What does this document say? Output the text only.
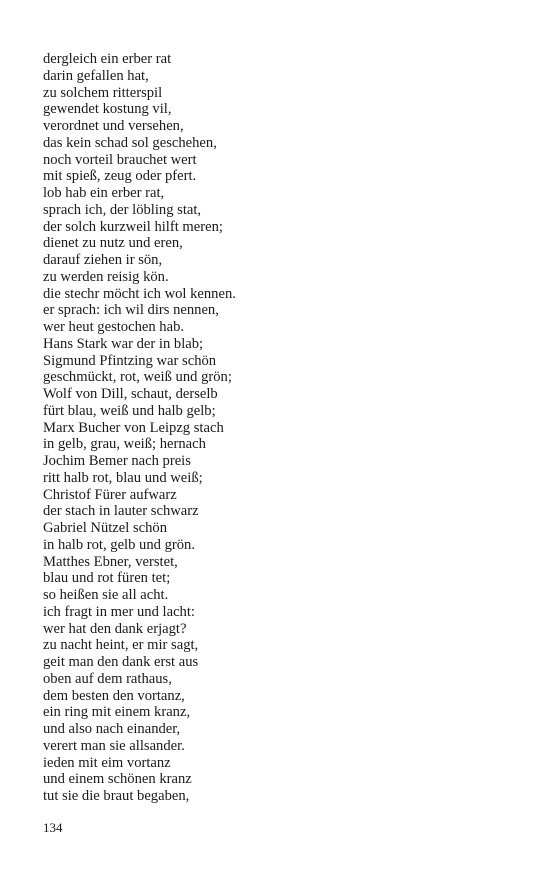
dergleich ein erber rat
darin gefallen hat,
zu solchem ritterspil
gewendet kostung vil,
verordnet und versehen,
das kein schad sol geschehen,
noch vorteil brauchet wert
mit spieß, zeug oder pfert.
lob hab ein erber rat,
sprach ich, der löbling stat,
der solch kurzweil hilft meren;
dienet zu nutz und eren,
darauf ziehen ir sön,
zu werden reisig kön.
die stechr möcht ich wol kennen.
er sprach: ich wil dirs nennen,
wer heut gestochen hab.
Hans Stark war der in blab;
Sigmund Pfintzing war schön
geschmückt, rot, weiß und grön;
Wolf von Dill, schaut, derselb
fürt blau, weiß und halb gelb;
Marx Bucher von Leipzg stach
in gelb, grau, weiß; hernach
Jochim Bemer nach preis
ritt halb rot, blau und weiß;
Christof Fürer aufwarz
der stach in lauter schwarz
Gabriel Nützel schön
in halb rot, gelb und grön.
Matthes Ebner, verstet,
blau und rot füren tet;
so heißen sie all acht.
ich fragt in mer und lacht:
wer hat den dank erjagt?
zu nacht heint, er mir sagt,
geit man den dank erst aus
oben auf dem rathaus,
dem besten den vortanz,
ein ring mit einem kranz,
und also nach einander,
verert man sie allsander.
ieden mit eim vortanz
und einem schönen kranz
tut sie die braut begaben,
134
